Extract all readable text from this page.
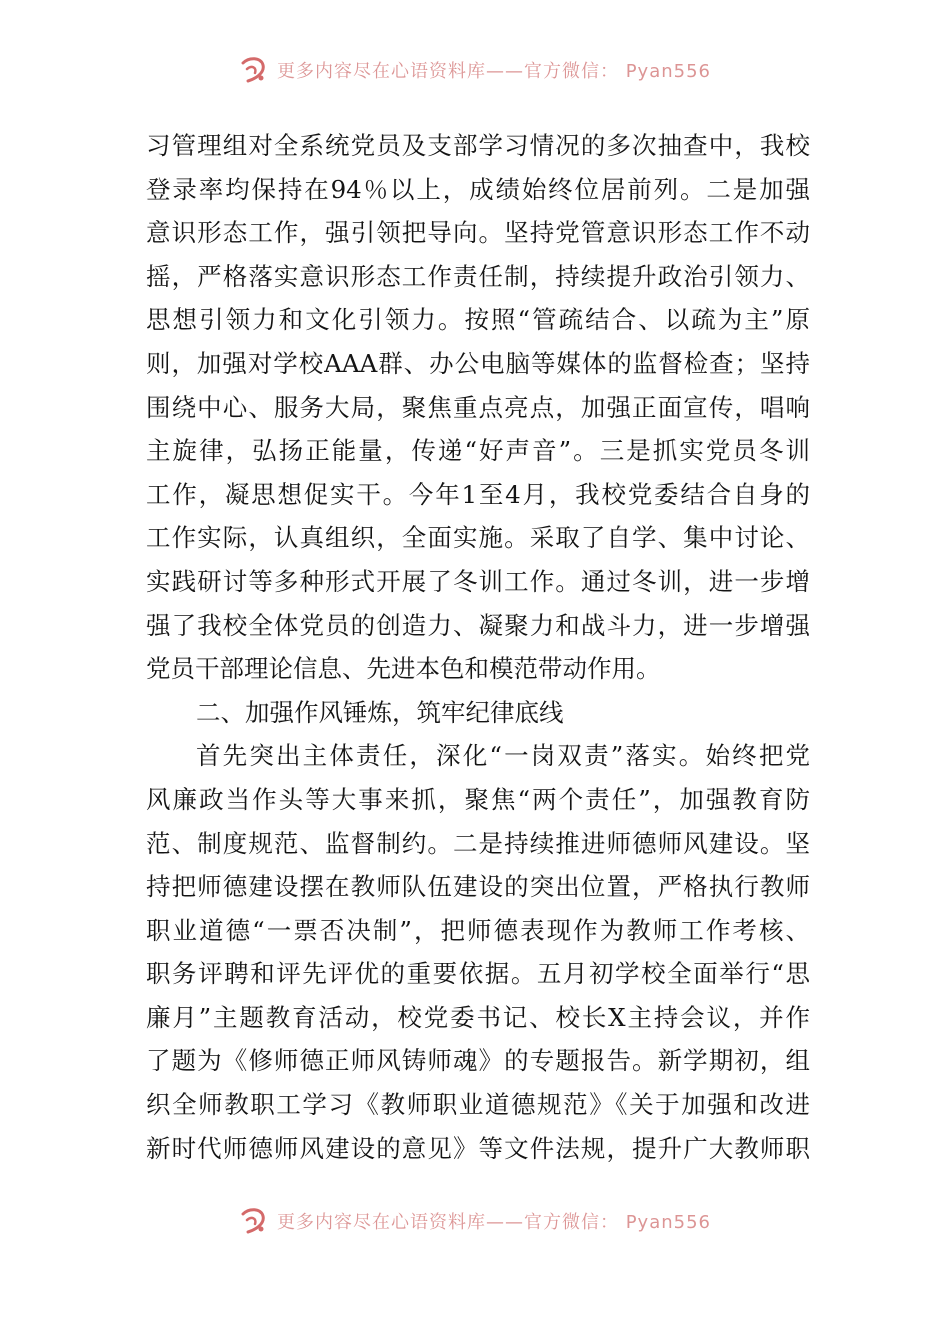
更多内容尽在心语资料库——官方微信： Pyan556
习管理组对全系统党员及支部学习情况的多次抽查中，我校
登录率均保持在94％以上，成绩始终位居前列。二是加强
意识形态工作，强引领把导向。坚持党管意识形态工作不动
摇，严格落实意识形态工作责任制，持续提升政治引领力、
思想引领力和文化引领力。按照“管疏结合、以疏为主”原
则，加强对学校AAA群、办公电脑等媒体的监督检查；坚持
围绕中心、服务大局，聚焦重点亮点，加强正面宣传，唱响
主旋律，弘扬正能量，传递“好声音”。三是抓实党员冬训
工作，凝思想促实干。今年1至4月，我校党委结合自身的
工作实际，认真组织，全面实施。采取了自学、集中讨论、
实践研讨等多种形式开展了冬训工作。通过冬训，进一步增
强了我校全体党员的创造力、凝聚力和战斗力，进一步增强
党员干部理论信息、先进本色和模范带动作用。
二、加强作风锤炼，筑牢纪律底线
首先突出主体责任，深化“一岗双责”落实。始终把党
风廉政当作头等大事来抓，聚焦“两个责任”，加强教育防
范、制度规范、监督制约。二是持续推进师德师风建设。坚
持把师德建设摆在教师队伍建设的突出位置，严格执行教师
职业道德“一票否决制”，把师德表现作为教师工作考核、
职务评聘和评先评优的重要依据。五月初学校全面举行“思
廉月”主题教育活动，校党委书记、校长X主持会议，并作
了题为《修师德正师风铸师魂》的专题报告。新学期初，组
织全师教职工学习《教师职业道德规范》《关于加强和改进
新时代师德师风建设的意见》等文件法规，提升广大教师职
更多内容尽在心语资料库——官方微信： Pyan556
